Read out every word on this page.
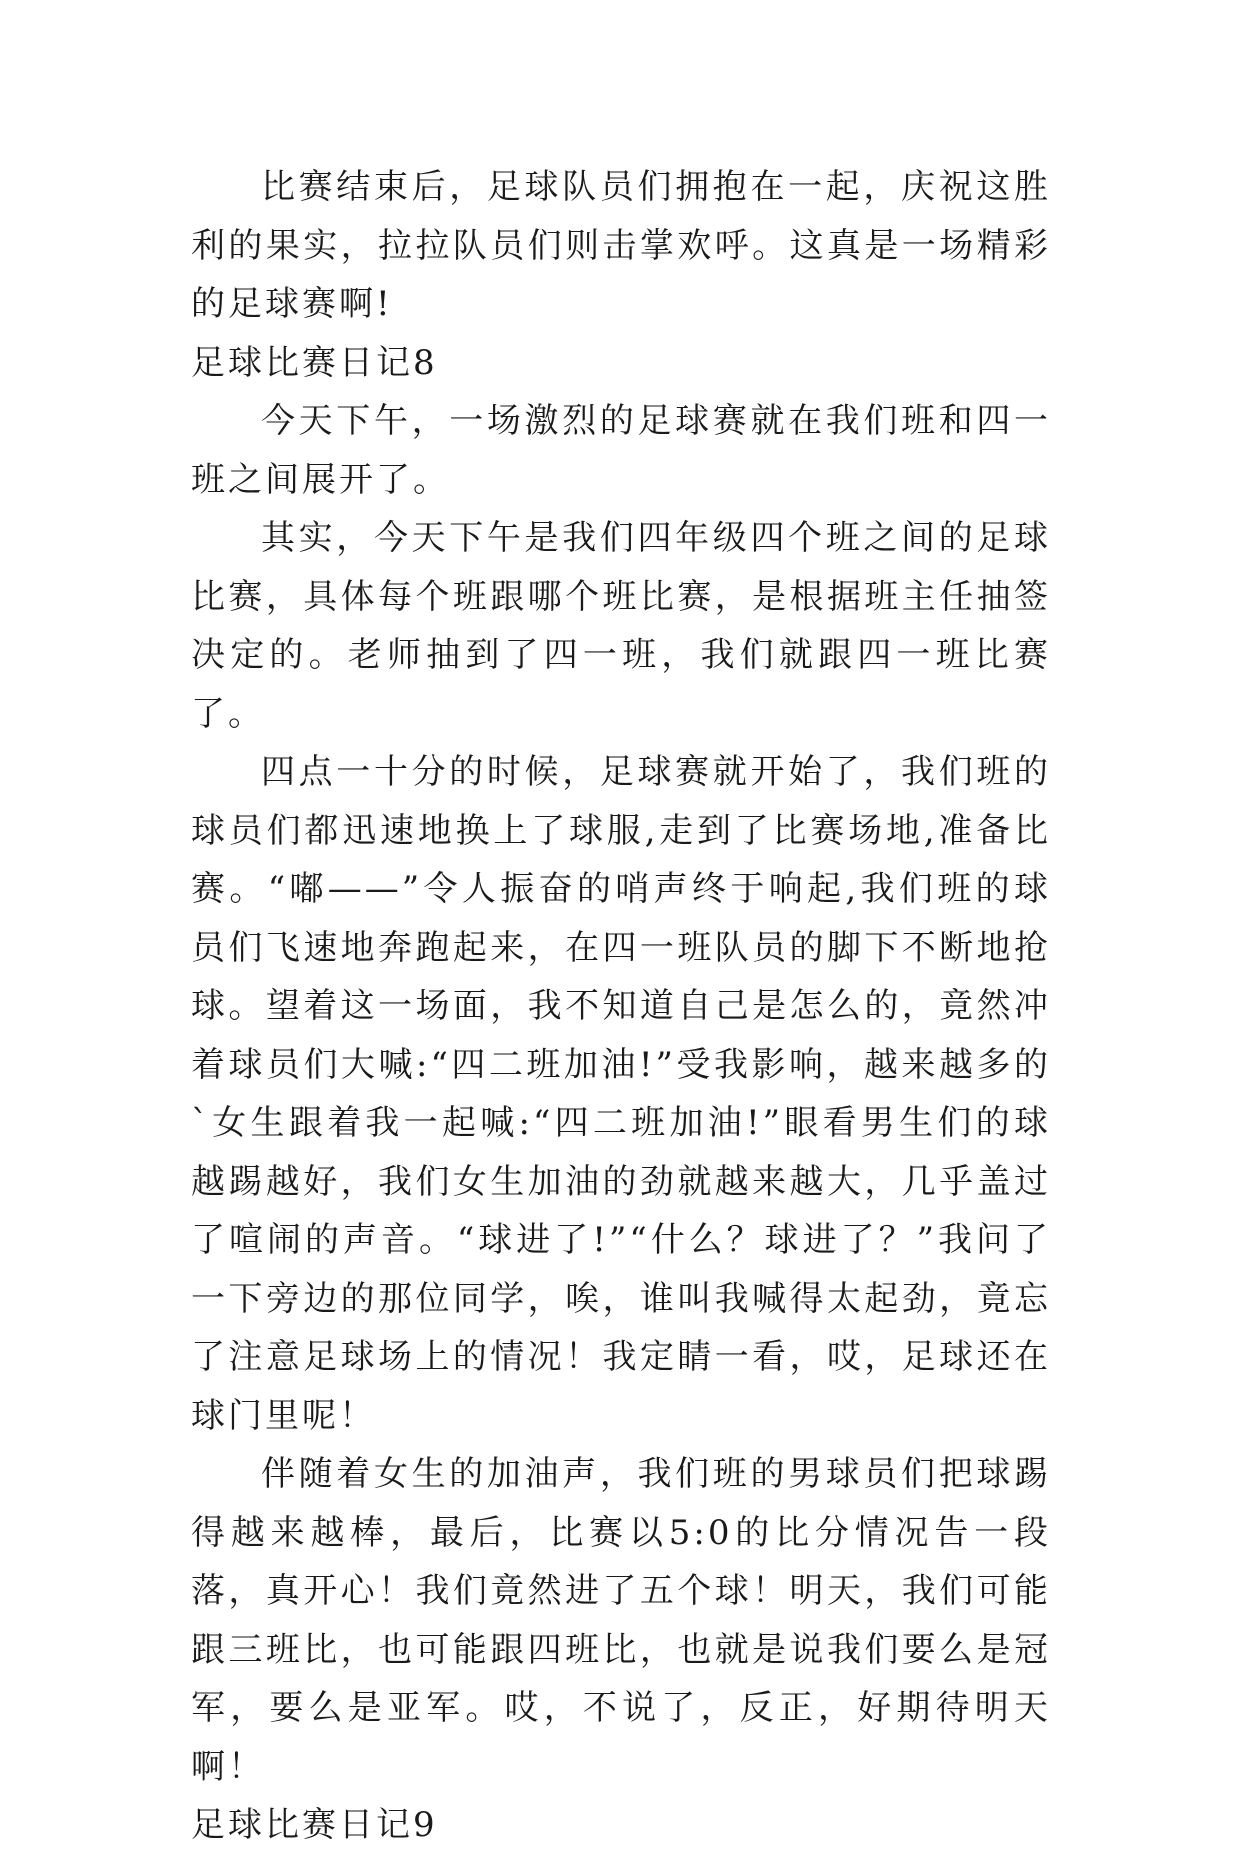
比赛结束后，足球队员们拥抱在一起，庆祝这胜利的果实，拉拉队员们则击掌欢呼。这真是一场精彩的足球赛啊!

足球比赛日记8

今天下午，一场激烈的足球赛就在我们班和四一班之间展开了。

其实，今天下午是我们四年级四个班之间的足球比赛，具体每个班跟哪个班比赛，是根据班主任抽签决定的。老师抽到了四一班，我们就跟四一班比赛了。

四点一十分的时候，足球赛就开始了，我们班的球员们都迅速地换上了球服,走到了比赛场地,准备比赛。“嘟——”令人振奋的哨声终于响起,我们班的球员们飞速地奔跑起来，在四一班队员的脚下不断地抢球。望着这一场面，我不知道自己是怎么的，竟然冲着球员们大喊:“四二班加油!”受我影响，越来越多的`女生跟着我一起喊:“四二班加油!”眼看男生们的球越踢越好，我们女生加油的劲就越来越大，几乎盖过了喧闹的声音。“球进了!”“什么？球进了？”我问了一下旁边的那位同学，唉，谁叫我喊得太起劲，竟忘了注意足球场上的情况！我定睛一看，哎，足球还在球门里呢！

伴随着女生的加油声，我们班的男球员们把球踢得越来越棒，最后，比赛以5:0的比分情况告一段落，真开心！我们竟然进了五个球！明天，我们可能跟三班比，也可能跟四班比，也就是说我们要么是冠军，要么是亚军。哎，不说了，反正，好期待明天啊！

足球比赛日记9
